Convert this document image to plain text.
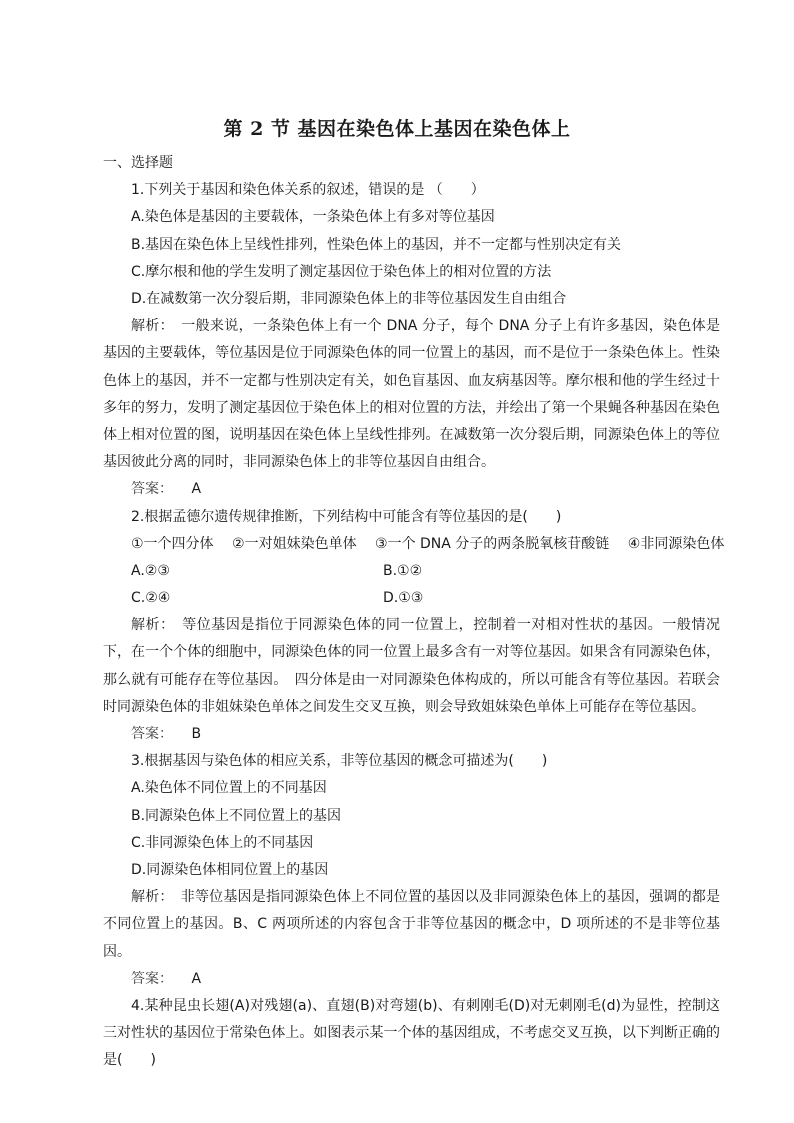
第 2 节 基因在染色体上基因在染色体上
一、选择题
1.下列关于基因和染色体关系的叙述，错误的是 （　　）
A.染色体是基因的主要载体，一条染色体上有多对等位基因
B.基因在染色体上呈线性排列，性染色体上的基因，并不一定都与性别决定有关
C.摩尔根和他的学生发明了测定基因位于染色体上的相对位置的方法
D.在减数第一次分裂后期，非同源染色体上的非等位基因发生自由组合
解析：　一般来说，一条染色体上有一个 DNA 分子，每个 DNA 分子上有许多基因，染色体是基因的主要载体，等位基因是位于同源染色体的同一位置上的基因，而不是位于一条染色体上。性染色体上的基因，并不一定都与性别决定有关，如色盲基因、血友病基因等。摩尔根和他的学生经过十多年的努力，发明了测定基因位于染色体上的相对位置的方法，并绘出了第一个果蝇各种基因在染色体上相对位置的图，说明基因在染色体上呈线性排列。在减数第一次分裂后期，同源染色体上的等位基因彼此分离的同时，非同源染色体上的非等位基因自由组合。
答案： A
2.根据孟德尔遗传规律推断，下列结构中可能含有等位基因的是(　　)
①一个四分体 ②一对姐妹染色单体 ③一个 DNA 分子的两条脱氧核苷酸链 ④非同源染色体
A.②③	B.①②
C.②④	D.①③
解析：　等位基因是指位于同源染色体的同一位置上，控制着一对相对性状的基因。一般情况下，在一个个体的细胞中，同源染色体的同一位置上最多含有一对等位基因。如果含有同源染色体，那么就有可能存在等位基因。　四分体是由一对同源染色体构成的，所以可能含有等位基因。若联会时同源染色体的非姐妹染色单体之间发生交叉互换，则会导致姐妹染色单体上可能存在等位基因。
答案： B
3.根据基因与染色体的相应关系，非等位基因的概念可描述为(　　)
A.染色体不同位置上的不同基因
B.同源染色体上不同位置上的基因
C.非同源染色体上的不同基因
D.同源染色体相同位置上的基因
解析：　非等位基因是指同源染色体上不同位置的基因以及非同源染色体上的基因，强调的都是不同位置上的基因。B、C 两项所述的内容包含于非等位基因的概念中，D 项所述的不是非等位基因。
答案： A
4.某种昆虫长翅(A)对残翅(a)、直翅(B)对弯翅(b)、有刺刚毛(D)对无刺刚毛(d)为显性，控制这三对性状的基因位于常染色体上。如图表示某一个体的基因组成，不考虑交叉互换，以下判断正确的是(　　)
